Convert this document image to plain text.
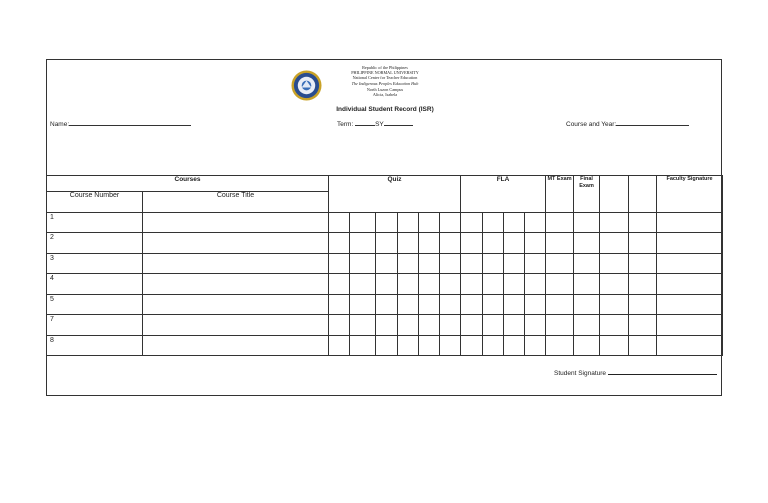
Republic of the Philippines
PHILIPPINE NORMAL UNIVERSITY
National Center for Teacher Education
The Indigenous Peoples Education Hub
North Luzon Campus
Alicia, Isabela
Individual Student Record (ISR)
Name:	Term:	SY	Course and Year:
Courses		Quiz						FLA				MT Exam	Final Exam			Faculty Signature
Course Number	Course Title															
1																
2																
3																
4																
5																
7																
8																
Student Signature
